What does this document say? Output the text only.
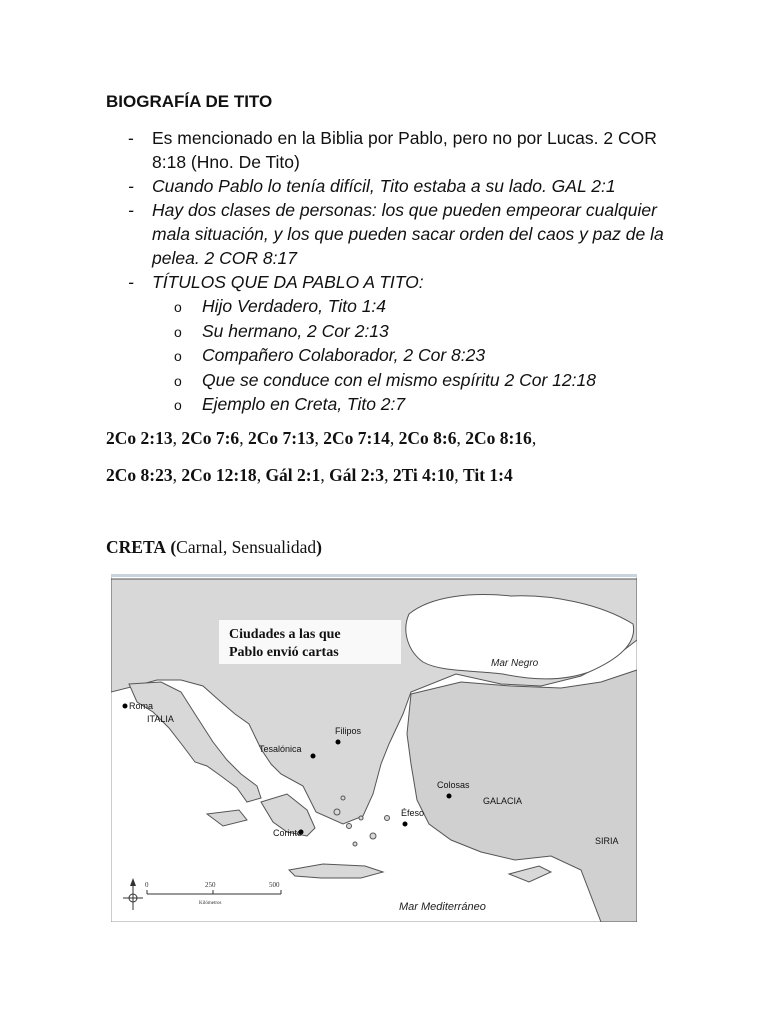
BIOGRAFÍA DE TITO
- Es mencionado en la Biblia por Pablo, pero no por Lucas. 2 COR 8:18 (Hno. De Tito)
- Cuando Pablo lo tenía difícil, Tito estaba a su lado. GAL 2:1
- Hay dos clases de personas: los que pueden empeorar cualquier mala situación, y los que pueden sacar orden del caos y paz de la pelea. 2 COR 8:17
- TÍTULOS QUE DA PABLO A TITO:
o Hijo Verdadero, Tito 1:4
o Su hermano, 2 Cor 2:13
o Compañero Colaborador, 2 Cor 8:23
o Que se conduce con el mismo espíritu 2 Cor 12:18
o Ejemplo en Creta, Tito 2:7
2Co 2:13, 2Co 7:6, 2Co 7:13, 2Co 7:14, 2Co 8:6, 2Co 8:16,
2Co 8:23, 2Co 12:18, Gál 2:1, Gál 2:3, 2Ti 4:10, Tit 1:4
CRETA (Carnal, Sensualidad)
Ciudades a las que
Pablo envió cartas
Mar Negro
Mar Mediterráneo
ITALIA
GALACIA
SIRIA
Roma
Filipos
Tesalónica
Colosas
Éfeso
Corinto
0	250	500
Kilómetros
